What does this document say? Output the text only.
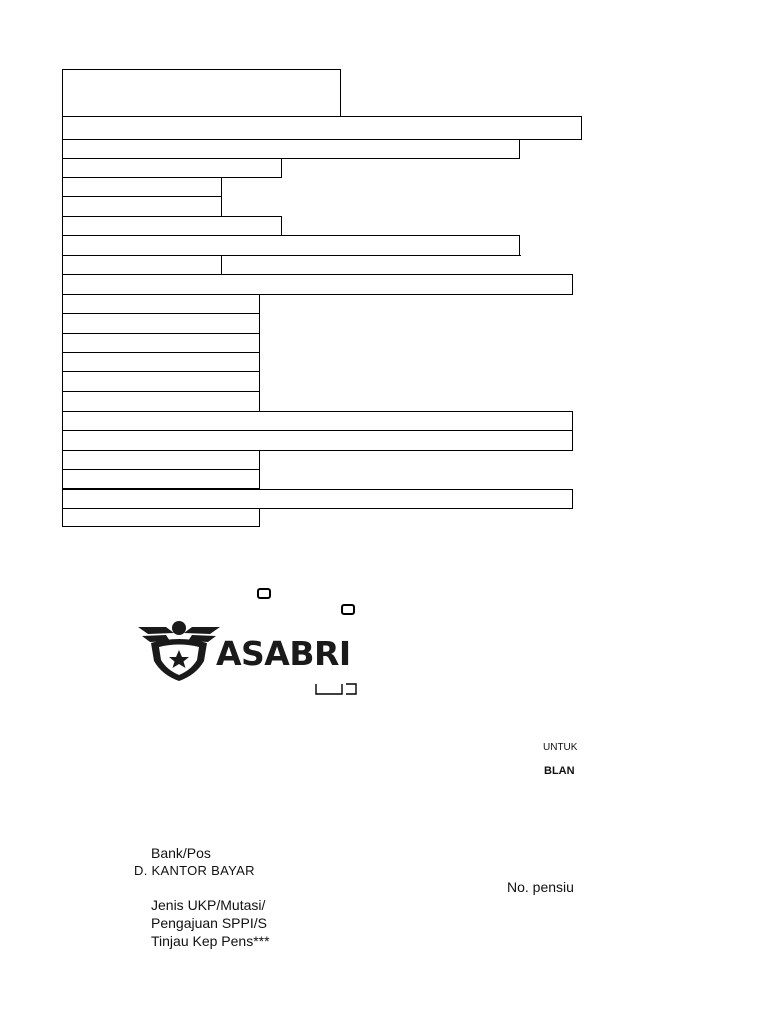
ASABRI
UNTUK
BLAN
Bank/Pos
D. KANTOR BAYAR
No. pensiu
Jenis UKP/Mutasi/
Pengajuan SPPI/S
Tinjau Kep Pens***
